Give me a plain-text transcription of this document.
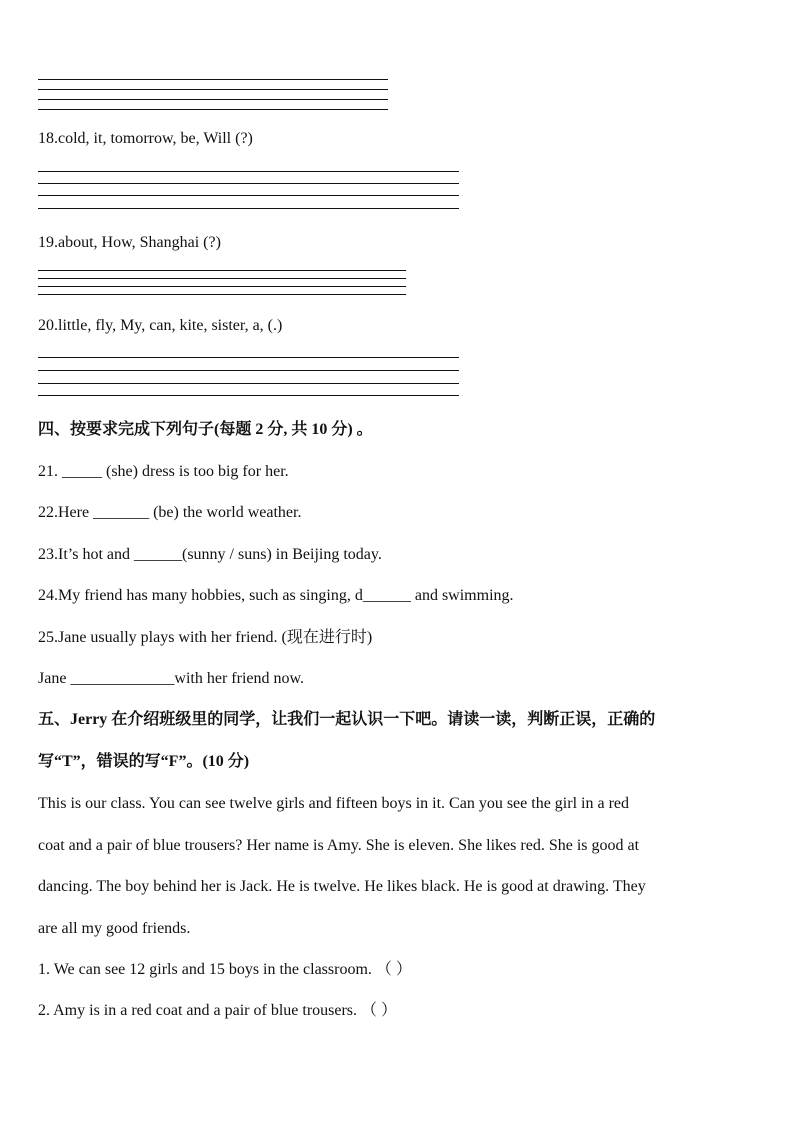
18.cold, it, tomorrow, be, Will (?)
19.about, How, Shanghai (?)
20.little, fly, My, can, kite, sister, a, (.)
四、按要求完成下列句子(每题 2 分, 共 10 分) 。
21. _____ (she) dress is too big for her.
22.Here _______ (be) the world weather.
23.It’s hot and ______(sunny / suns) in Beijing today.
24.My friend has many hobbies, such as singing, d______ and swimming.
25.Jane usually plays with her friend. (现在进行时)
Jane _____________with her friend now.
五、Jerry 在介绍班级里的同学，让我们一起认识一下吧。请读一读，判断正误，正确的
写“T”，错误的写“F”。(10 分)
This is our class. You can see twelve girls and fifteen boys in it. Can you see the girl in a red
coat and a pair of blue trousers? Her name is Amy. She is eleven. She likes red. She is good at
dancing. The boy behind her is Jack. He is twelve. He likes black. He is good at drawing. They
are all my good friends.
1. We can see 12 girls and 15 boys in the classroom. （ ）
2. Amy is in a red coat and a pair of blue trousers. （ ）
